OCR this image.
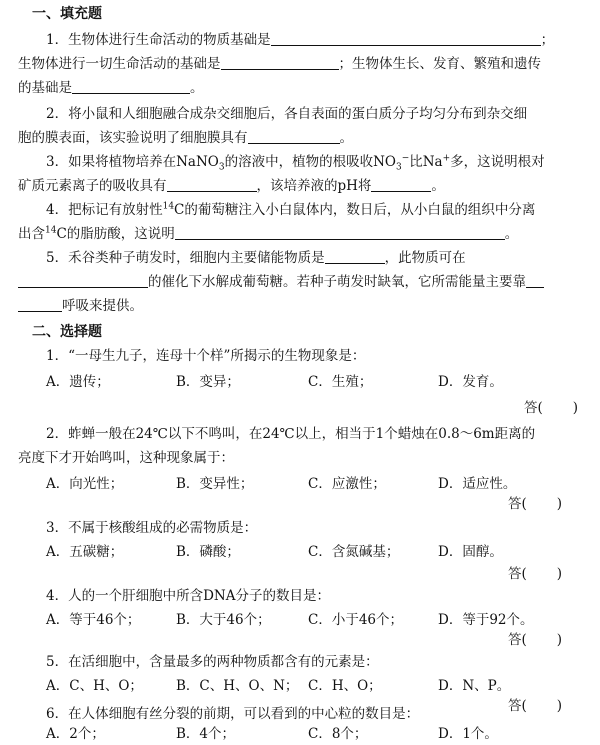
一、填充题
1．生物体进行生命活动的物质基础是	；
生物体进行一切生命活动的基础是	；生物体生长、发育、繁殖和遗传
的基础是	。
2．将小鼠和人细胞融合成杂交细胞后，各自表面的蛋白质分子均匀分布到杂交细
胞的膜表面，该实验说明了细胞膜具有	。
3．如果将植物培养在NaNO$_3$的溶液中，植物的根吸收$NO_3^-$比Na+多，这说明根对
矿质元素离子的吸收具有	，该培养液的pH将	。
4．把标记有放射性$^{14}$C的葡萄糖注入小白鼠体内，数日后，从小白鼠的组织中分离
出含$^{14}$C的脂肪酸，这说明	。
5．禾谷类种子萌发时，细胞内主要储能物质是	，此物质可在
的催化下水解成葡萄糖。若种子萌发时缺氧，它所需能量主要靠
呼吸来提供。
二、选择题
1．“一母生九子，连母十个样”所揭示的生物现象是：
A．遗传；	B．变异；	C．生殖；	D．发育。
答( )
2．蚱蝉一般在24℃以下不鸣叫，在24℃以上，相当于1个蜡烛在0.8～6m距离的
亮度下才开始鸣叫，这种现象属于：
A．向光性；	B．变异性；	C．应激性；	D．适应性。
答( )
3．不属于核酸组成的必需物质是：
A．五碳糖；	B．磷酸；	C．含氮碱基；	D．固醇。
答( )
4．人的一个肝细胞中所含DNA分子的数目是：
A．等于46个；	B．大于46个；	C．小于46个；	D．等于92个。
答( )
5．在活细胞中，含量最多的两种物质都含有的元素是：
A．C、H、O； B．C、H、O、N； C．H、O；	D．N、P。
答( )
6．在人体细胞有丝分裂的前期，可以看到的中心粒的数目是：
A．2个；	B．4个；	C．8个；	D．1个。
